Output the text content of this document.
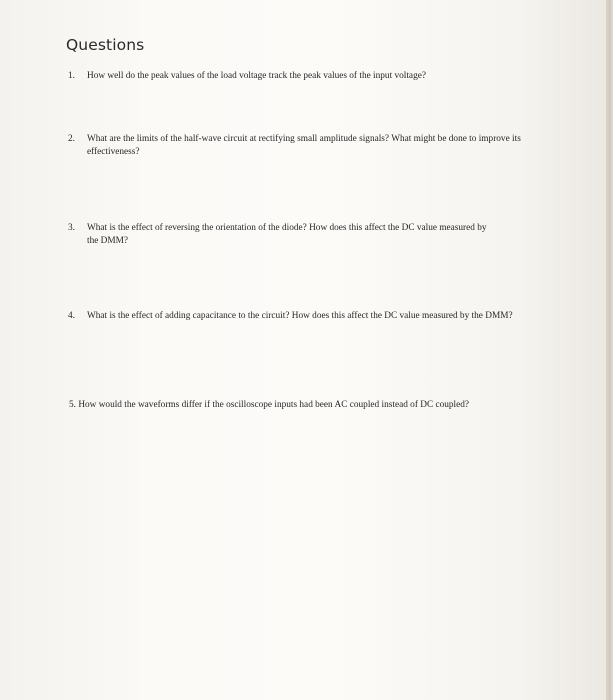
Questions
1. How well do the peak values of the load voltage track the peak values of the input voltage?
2. What are the limits of the half-wave circuit at rectifying small amplitude signals? What might be done to improve its effectiveness?
3. What is the effect of reversing the orientation of the diode? How does this affect the DC value measured by the DMM?
4. What is the effect of adding capacitance to the circuit? How does this affect the DC value measured by the DMM?
5. How would the waveforms differ if the oscilloscope inputs had been AC coupled instead of DC coupled?
